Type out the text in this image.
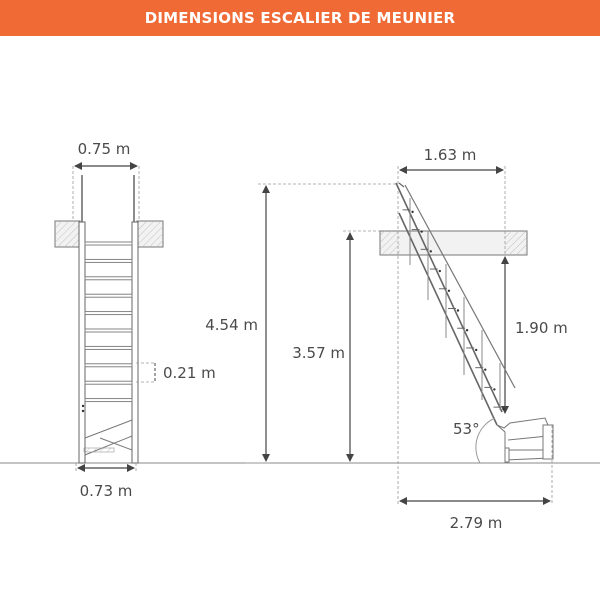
DIMENSIONS ESCALIER DE MEUNIER
0.75 m
0.21 m
0.73 m
4.54 m
3.57 m
1.63 m
1.90 m
53°
2.79 m
